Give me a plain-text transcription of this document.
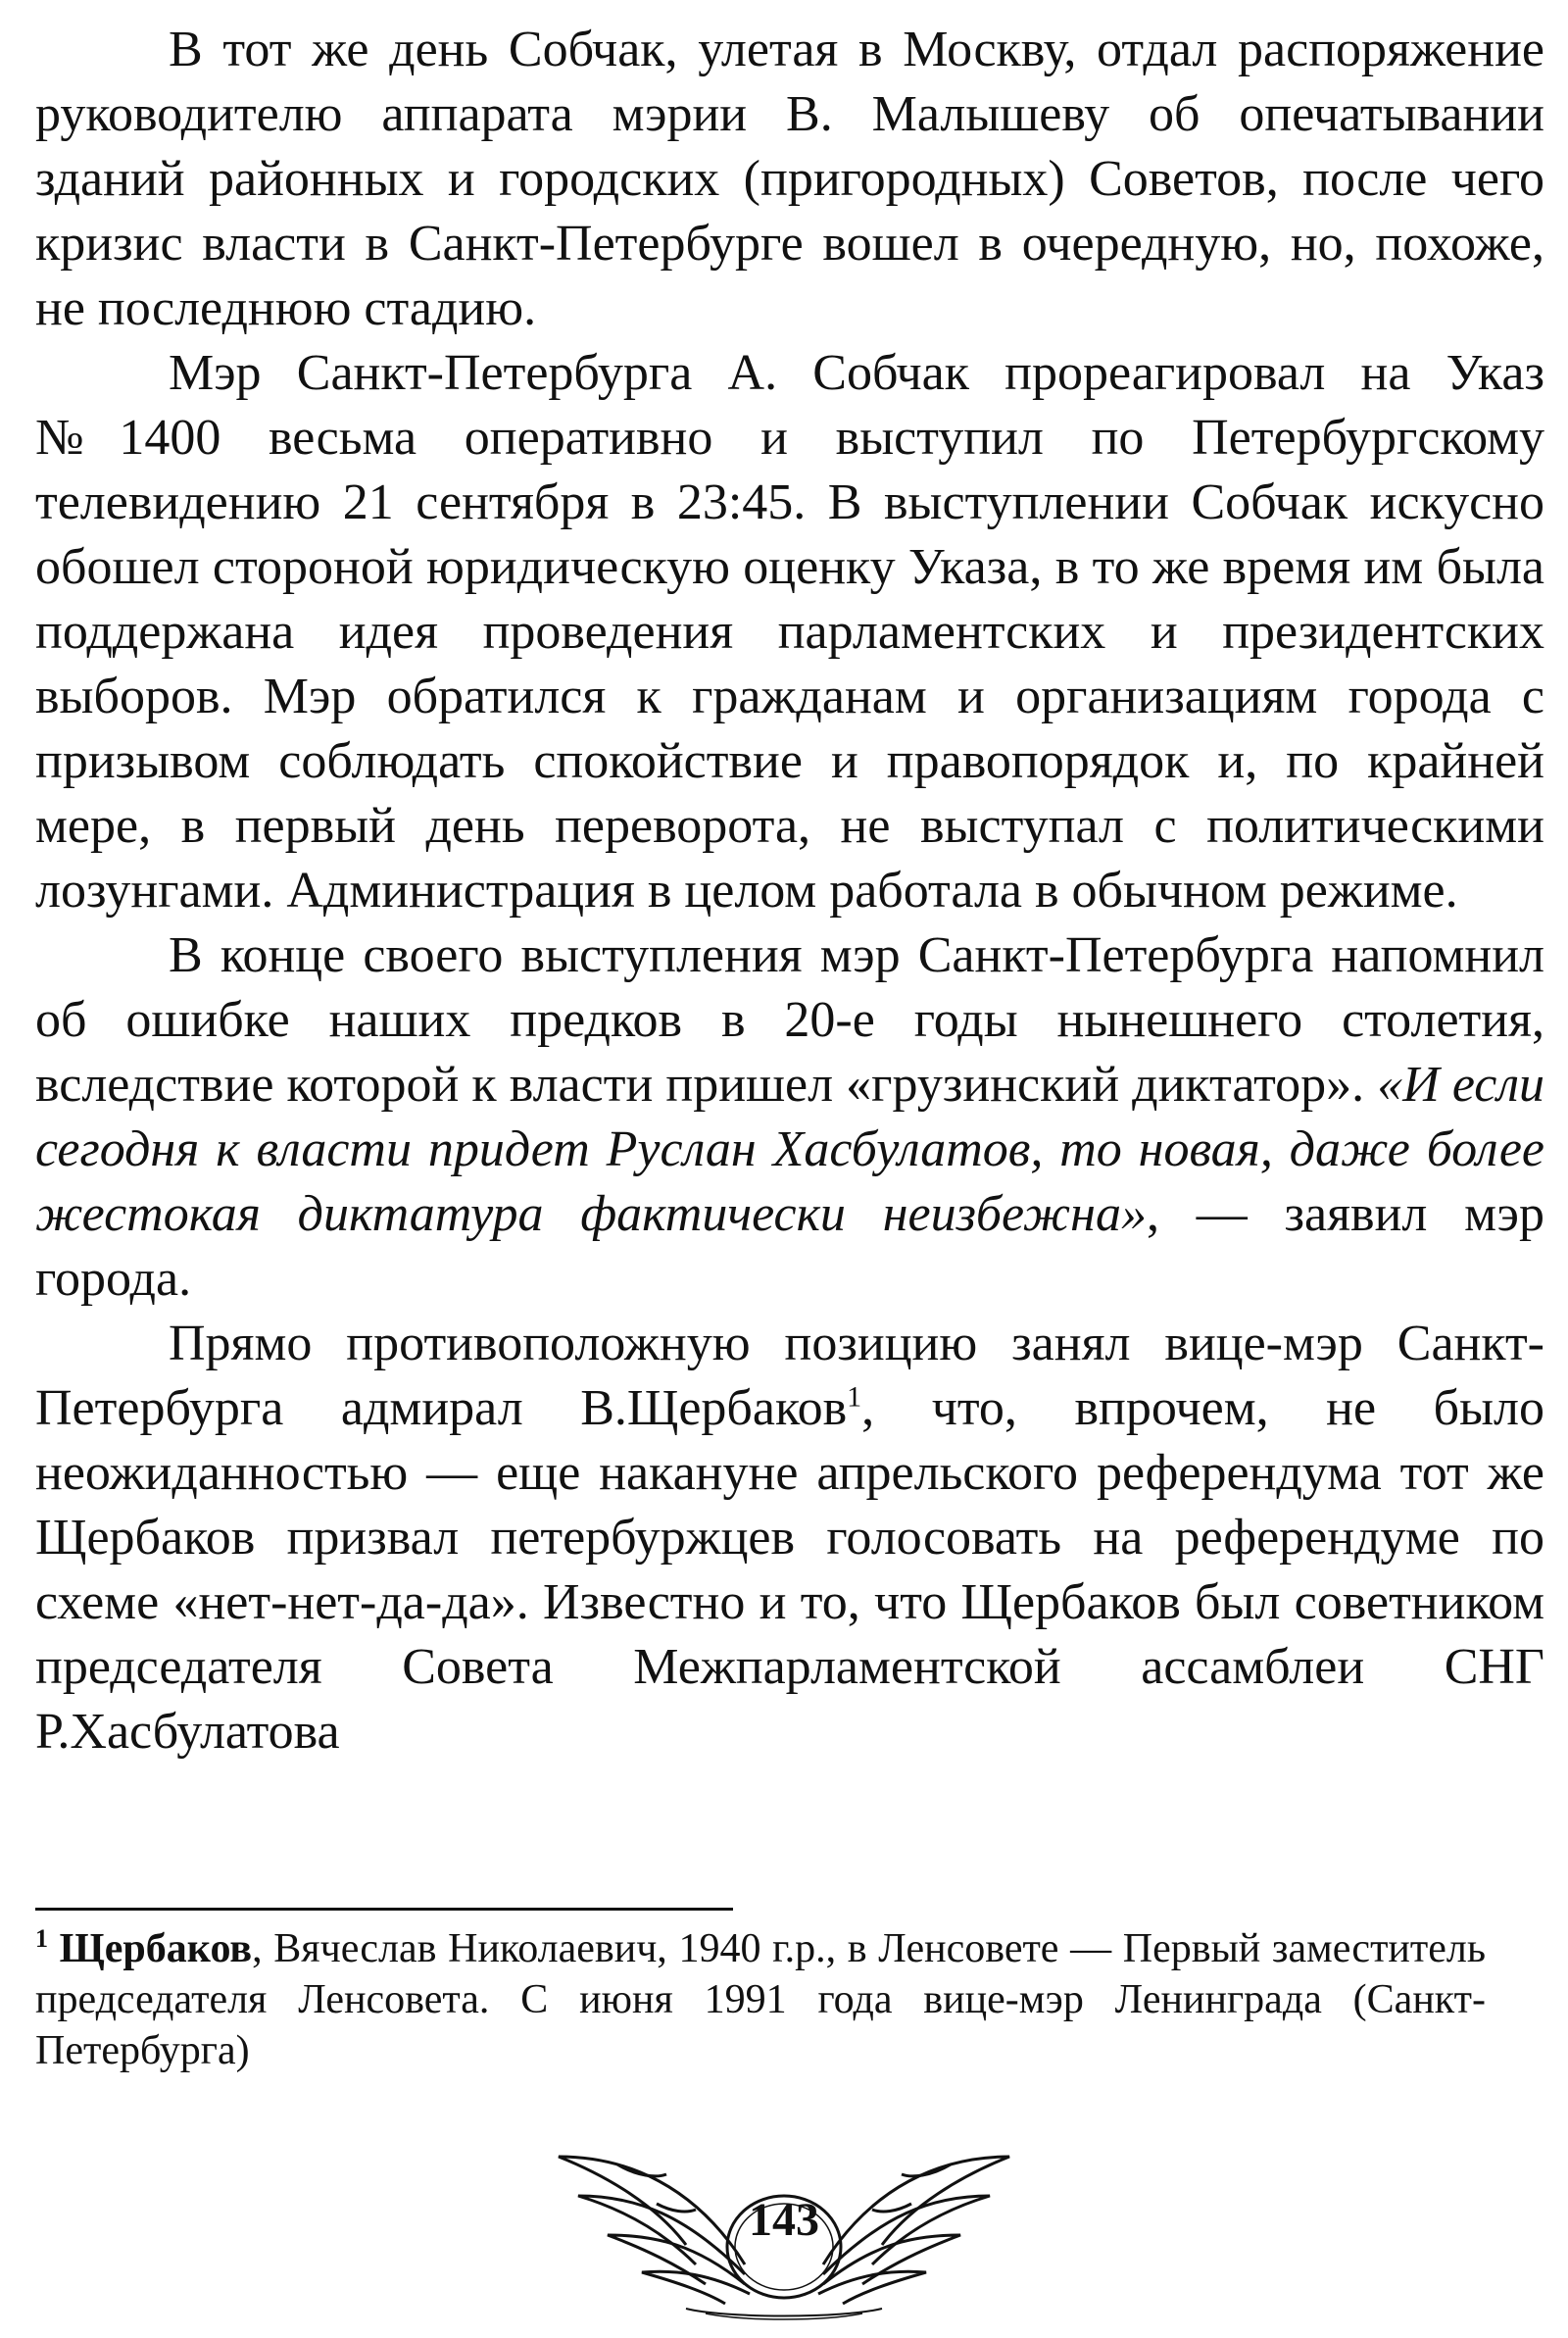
В тот же день Собчак, улетая в Москву, отдал распоряжение руководителю аппарата мэрии В. Малышеву об опечатывании зданий районных и городских (пригородных) Советов, после чего кризис власти в Санкт-Петербурге вошел в очередную, но, похоже, не последнюю стадию.

Мэр Санкт-Петербурга А. Собчак прореагировал на Указ №1400 весьма оперативно и выступил по Петербургскому телевидению 21 сентября в 23:45. В выступлении Собчак искусно обошел стороной юридическую оценку Указа, в то же время им была поддержана идея проведения парламентских и президентских выборов. Мэр обратился к гражданам и организациям города с призывом соблюдать спокойствие и правопорядок и, по крайней мере, в первый день переворота, не выступал с политическими лозунгами. Администрация в целом работала в обычном режиме.

В конце своего выступления мэр Санкт-Петербурга напомнил об ошибке наших предков в 20-е годы нынешнего столетия, вследствие которой к власти пришел «грузинский диктатор». «И если сегодня к власти придет Руслан Хасбулатов, то новая, даже более жестокая диктатура фактически неизбежна», — заявил мэр города.

Прямо противоположную позицию занял вице-мэр Санкт-Петербурга адмирал В.Щербаков$^1$, что, впрочем, не было неожиданностью — еще накануне апрельского референдума тот же Щербаков призвал петербуржцев голосовать на референдуме по схеме «нет-нет-да-да». Известно и то, что Щербаков был советником председателя Совета Межпарламентской ассамблеи СНГ Р.Хасбулатова

$^1$ Щербаков, Вячеслав Николаевич, 1940 г.р., в Ленсовете — Первый заместитель председателя Ленсовета. С июня 1991 года вице-мэр Ленинграда (Санкт-Петербурга)

143
